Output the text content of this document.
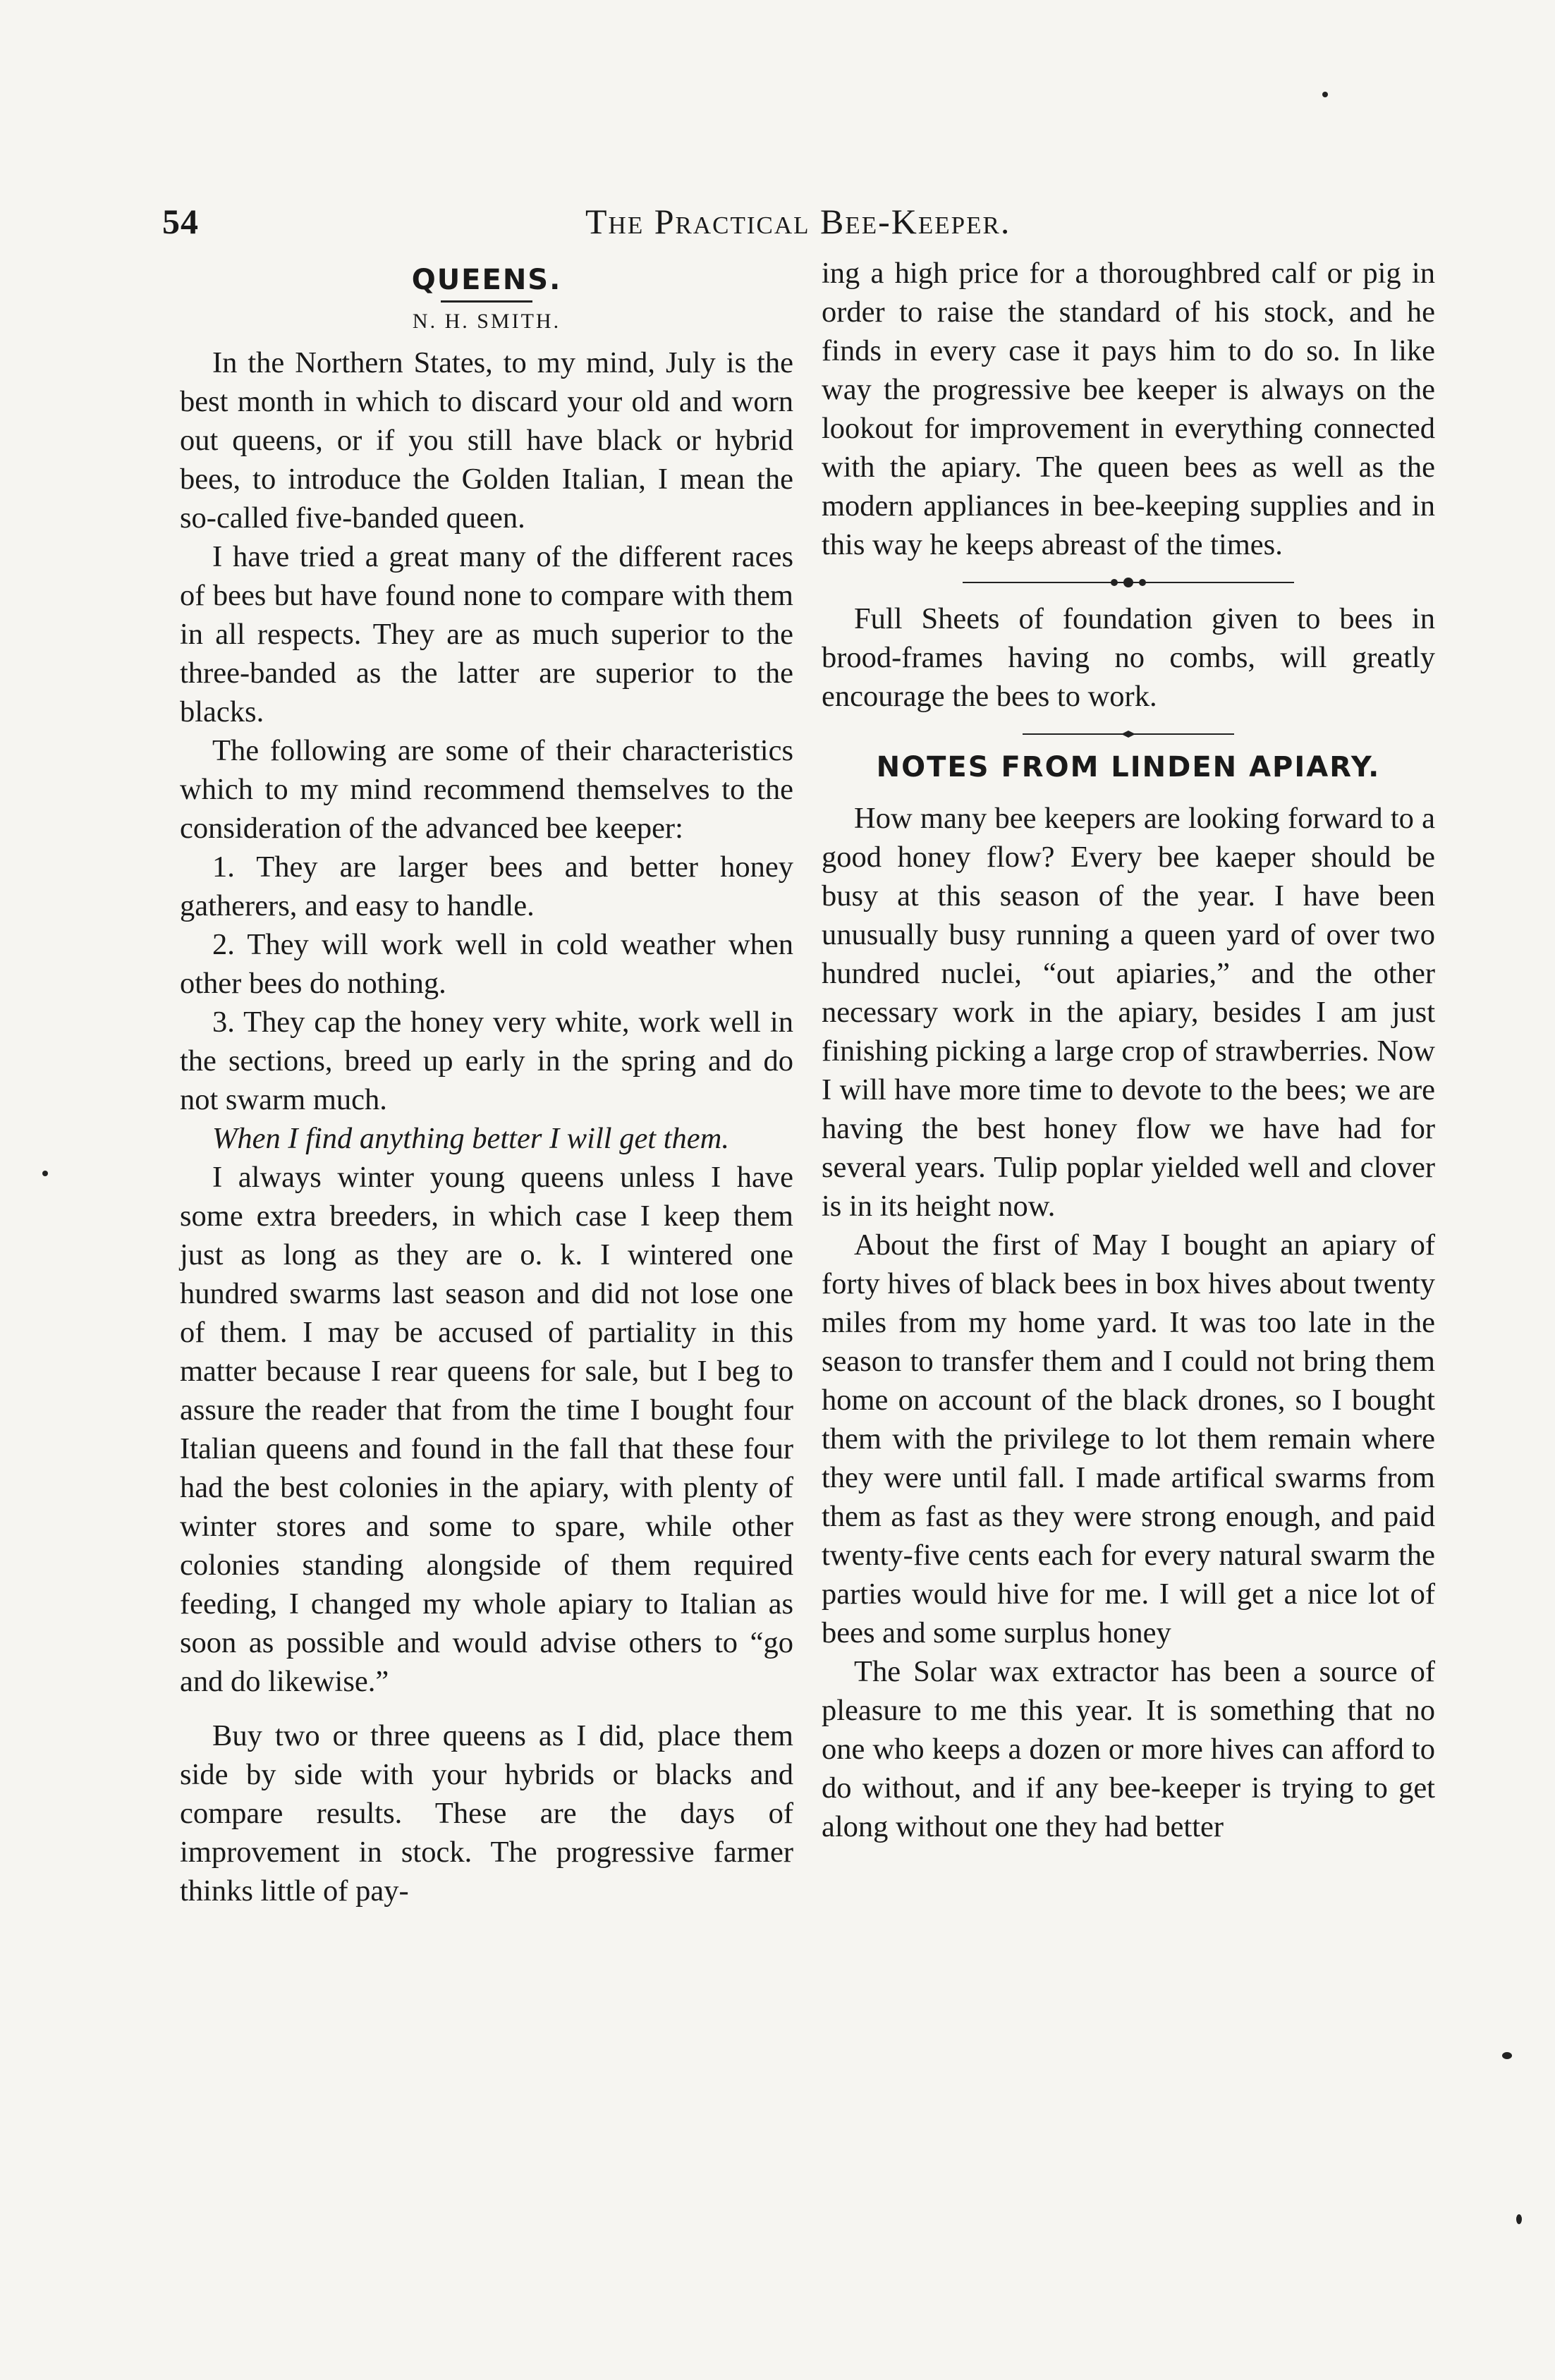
54	The Practical Bee-Keeper.
QUEENS.
N. H. SMITH.

In the Northern States, to my mind, July is the best month in which to discard your old and worn out queens, or if you still have black or hybrid bees, to introduce the Golden Italian, I mean the so-called five-banded queen.

I have tried a great many of the different races of bees but have found none to compare with them in all respects. They are as much superior to the three-banded as the latter are superior to the blacks.

The following are some of their characteristics which to my mind recommend themselves to the consideration of the advanced bee keeper:

1. They are larger bees and better honey gatherers, and easy to handle.

2. They will work well in cold weather when other bees do nothing.

3. They cap the honey very white, work well in the sections, breed up early in the spring and do not swarm much.

When I find anything better I will get them.

I always winter young queens unless I have some extra breeders, in which case I keep them just as long as they are o. k. I wintered one hundred swarms last season and did not lose one of them. I may be accused of partiality in this matter because I rear queens for sale, but I beg to assure the reader that from the time I bought four Italian queens and found in the fall that these four had the best colonies in the apiary, with plenty of winter stores and some to spare, while other colonies standing alongside of them required feeding, I changed my whole apiary to Italian as soon as possible and would advise others to “go and do likewise.”

Buy two or three queens as I did, place them side by side with your hybrids or blacks and compare results. These are the days of improvement in stock. The progressive farmer thinks little of pay-

ing a high price for a thoroughbred calf or pig in order to raise the standard of his stock, and he finds in every case it pays him to do so. In like way the progressive bee keeper is always on the lookout for improvement in everything connected with the apiary. The queen bees as well as the modern appliances in bee-keeping supplies and in this way he keeps abreast of the times.

Full Sheets of foundation given to bees in brood-frames having no combs, will greatly encourage the bees to work.

NOTES FROM LINDEN APIARY.

How many bee keepers are looking forward to a good honey flow? Every bee kaeper should be busy at this season of the year. I have been unusually busy running a queen yard of over two hundred nuclei, “out apiaries,” and the other necessary work in the apiary, besides I am just finishing picking a large crop of strawberries. Now I will have more time to devote to the bees; we are having the best honey flow we have had for several years. Tulip poplar yielded well and clover is in its height now.

About the first of May I bought an apiary of forty hives of black bees in box hives about twenty miles from my home yard. It was too late in the season to transfer them and I could not bring them home on account of the black drones, so I bought them with the privilege to lot them remain where they were until fall. I made artifical swarms from them as fast as they were strong enough, and paid twenty-five cents each for every natural swarm the parties would hive for me. I will get a nice lot of bees and some surplus honey

The Solar wax extractor has been a source of pleasure to me this year. It is something that no one who keeps a dozen or more hives can afford to do without, and if any bee-keeper is trying to get along without one they had better
